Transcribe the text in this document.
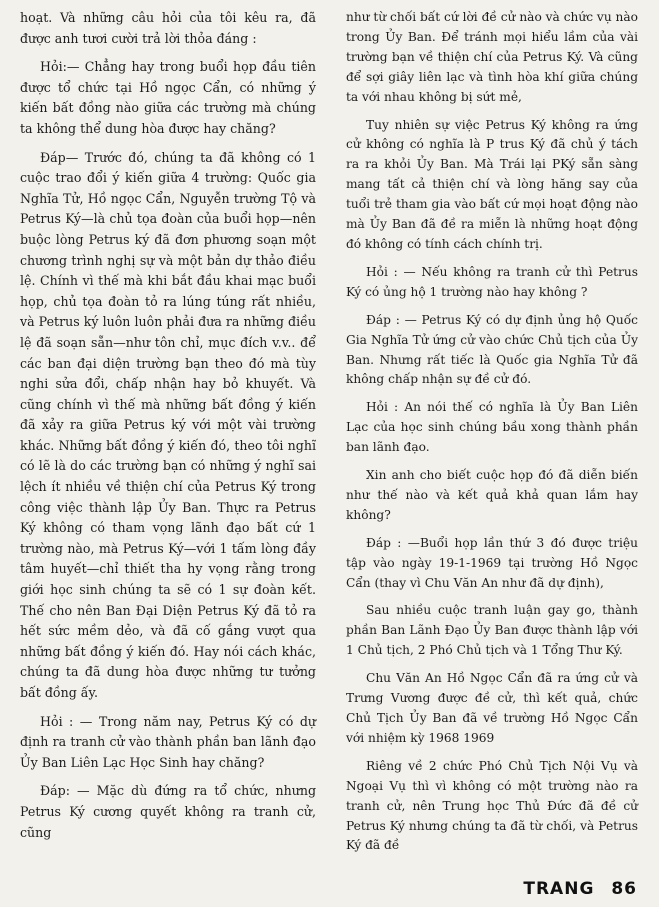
hoạt. Và những câu hỏi của tôi kêu ra, đã được anh tươi cười trả lời thỏa đáng :

Hỏi:— Chẳng hay trong buổi họp đầu tiên được tổ chức tại Hồ ngọc Cẩn, có những ý kiến bất đồng nào giữa các trường mà chúng ta không thể dung hòa được hay chăng?

Đáp— Trước đó, chúng ta đã không có 1 cuộc trao đổi ý kiến giữa 4 trường: Quốc gia Nghĩa Tử, Hồ ngọc Cẩn, Nguyễn trường Tộ và Petrus Ký—là chủ tọa đoàn của buổi họp—nên buộc lòng Petrus ký đã đơn phương soạn một chương trình nghị sự và một bản dự thảo điều lệ. Chính vì thế mà khi bắt đầu khai mạc buổi họp, chủ tọa đoàn tỏ ra lúng túng rất nhiều, và Petrus ký luôn luôn phải đưa ra những điều lệ đã soạn sẵn—như tôn chỉ, mục đích v.v.. để các ban đại diện trường bạn theo đó mà tùy nghi sửa đổi, chấp nhận hay bỏ khuyết. Và cũng chính vì thế mà những bất đồng ý kiến đã xảy ra giữa Petrus ký với một vài trường khác. Những bất đồng ý kiến đó, theo tôi nghĩ có lẽ là do các trường bạn có những ý nghĩ sai lệch ít nhiều về thiện chí của Petrus Ký trong công việc thành lập Ủy Ban. Thực ra Petrus Ký không có tham vọng lãnh đạo bất cứ 1 trường nào, mà Petrus Ký—với 1 tấm lòng đầy tâm huyết—chỉ thiết tha hy vọng rằng trong giới học sinh chúng ta sẽ có 1 sự đoàn kết. Thế cho nên Ban Đại Diện Petrus Ký đã tỏ ra hết sức mềm dẻo, và đã cố gắng vượt qua những bất đồng ý kiến đó. Hay nói cách khác, chúng ta đã dung hòa được những tư tưởng bất đồng ấy.

Hỏi : — Trong năm nay, Petrus Ký có dự định ra tranh cử vào thành phần ban lãnh đạo Ủy Ban Liên Lạc Học Sinh hay chăng?

Đáp: — Mặc dù đứng ra tổ chức, nhưng Petrus Ký cương quyết không ra tranh cử, cũng

như từ chối bất cứ lời đề cử nào và chức vụ nào trong Ủy Ban. Để tránh mọi hiểu lầm của vài trường bạn về thiện chí của Petrus Ký. Và cũng để sợi giây liên lạc và tình hòa khí giữa chúng ta với nhau không bị sứt mẻ,

Tuy nhiên sự việc Petrus Ký không ra ứng cử không có nghĩa là P trus Ký đã chủ ý tách ra ra khỏi Ủy Ban. Mà Trái lại PKý sẵn sàng mang tất cả thiện chí và lòng hăng say của tuổi trẻ tham gia vào bất cứ mọi hoạt động nào mà Ủy Ban đã đề ra miễn là những hoạt động đó không có tính cách chính trị.

Hỏi : — Nếu không ra tranh cử thì Petrus Ký có ủng hộ 1 trường nào hay không ?

Đáp : — Petrus Ký có dự định ủng hộ Quốc Gia Nghĩa Tử ứng cử vào chức Chủ tịch của Ủy Ban. Nhưng rất tiếc là Quốc gia Nghĩa Tử đã không chấp nhận sự đề cử đó.

Hỏi : An nói thế có nghĩa là Ủy Ban Liên Lạc của học sinh chúng bầu xong thành phần ban lãnh đạo.

Xin anh cho biết cuộc họp đó đã diễn biến như thế nào và kết quả khả quan lắm hay không?

Đáp : —Buổi họp lần thứ 3 đó được triệu tập vào ngày 19-1-1969 tại trường Hồ Ngọc Cẩn (thay vì Chu Văn An như đã dự định),

Sau nhiều cuộc tranh luận gay go, thành phần Ban Lãnh Đạo Ủy Ban được thành lập với 1 Chủ tịch, 2 Phó Chủ tịch và 1 Tổng Thư Ký.

Chu Văn An Hồ Ngọc Cẩn đã ra ứng cử và Trưng Vương được đề cử, thì kết quả, chức Chủ Tịch Ủy Ban đã về trường Hồ Ngọc Cẩn với nhiệm kỳ 1968 1969

Riêng về 2 chức Phó Chủ Tịch Nội Vụ và Ngoại Vụ thì vì không có một trường nào ra tranh cử, nên Trung học Thủ Đức đã đề cử Petrus Ký nhưng chúng ta đã từ chối, và Petrus Ký đã đề

TRANG 86
